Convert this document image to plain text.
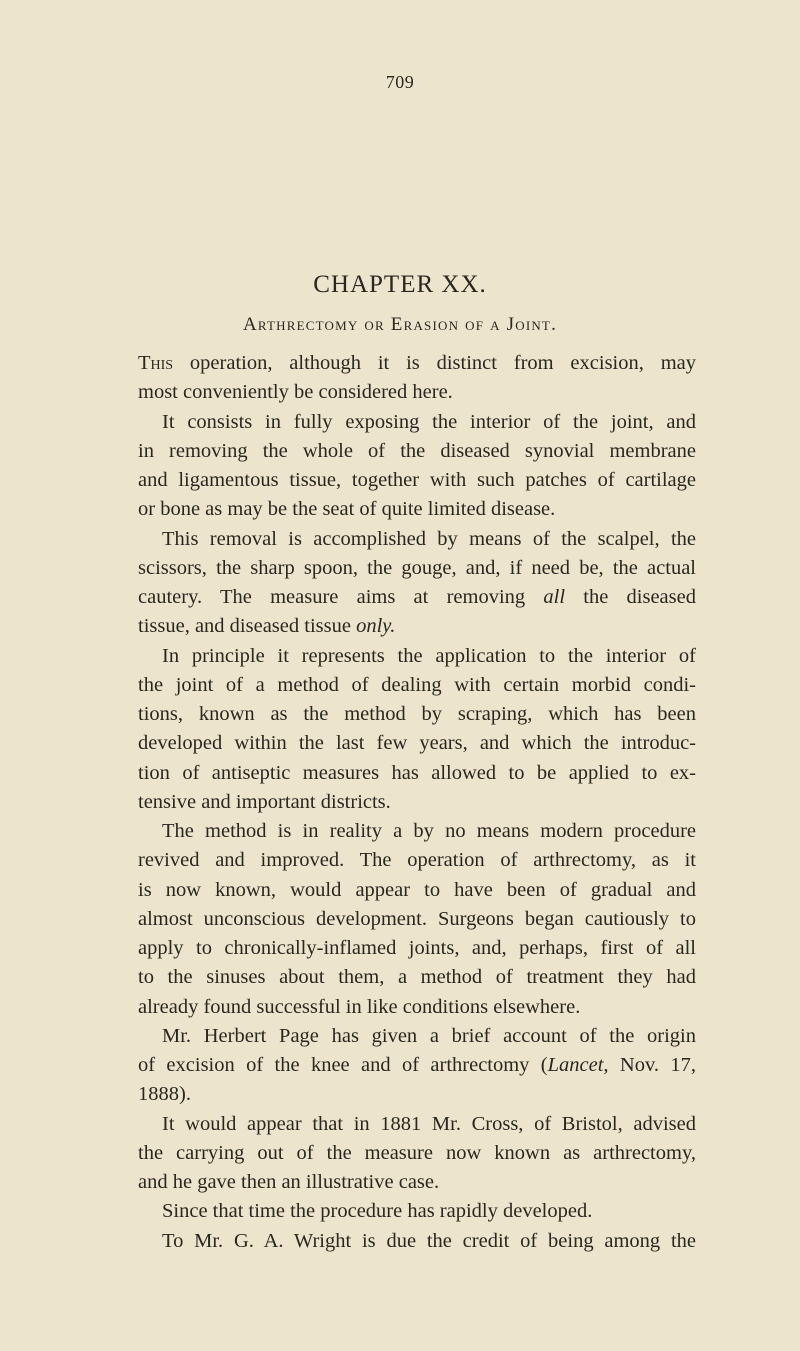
709
CHAPTER XX.
Arthrectomy or Erasion of a Joint.
This operation, although it is distinct from excision, may
most conveniently be considered here.
It consists in fully exposing the interior of the joint, and
in removing the whole of the diseased synovial membrane
and ligamentous tissue, together with such patches of cartilage
or bone as may be the seat of quite limited disease.
This removal is accomplished by means of the scalpel, the
scissors, the sharp spoon, the gouge, and, if need be, the actual
cautery. The measure aims at removing all the diseased
tissue, and diseased tissue only.
In principle it represents the application to the interior of
the joint of a method of dealing with certain morbid condi-
tions, known as the method by scraping, which has been
developed within the last few years, and which the introduc-
tion of antiseptic measures has allowed to be applied to ex-
tensive and important districts.
The method is in reality a by no means modern procedure
revived and improved. The operation of arthrectomy, as it
is now known, would appear to have been of gradual and
almost unconscious development. Surgeons began cautiously to
apply to chronically-inflamed joints, and, perhaps, first of all
to the sinuses about them, a method of treatment they had
already found successful in like conditions elsewhere.
Mr. Herbert Page has given a brief account of the origin
of excision of the knee and of arthrectomy (Lancet, Nov. 17,
1888).
It would appear that in 1881 Mr. Cross, of Bristol, advised
the carrying out of the measure now known as arthrectomy,
and he gave then an illustrative case.
Since that time the procedure has rapidly developed.
To Mr. G. A. Wright is due the credit of being among the
